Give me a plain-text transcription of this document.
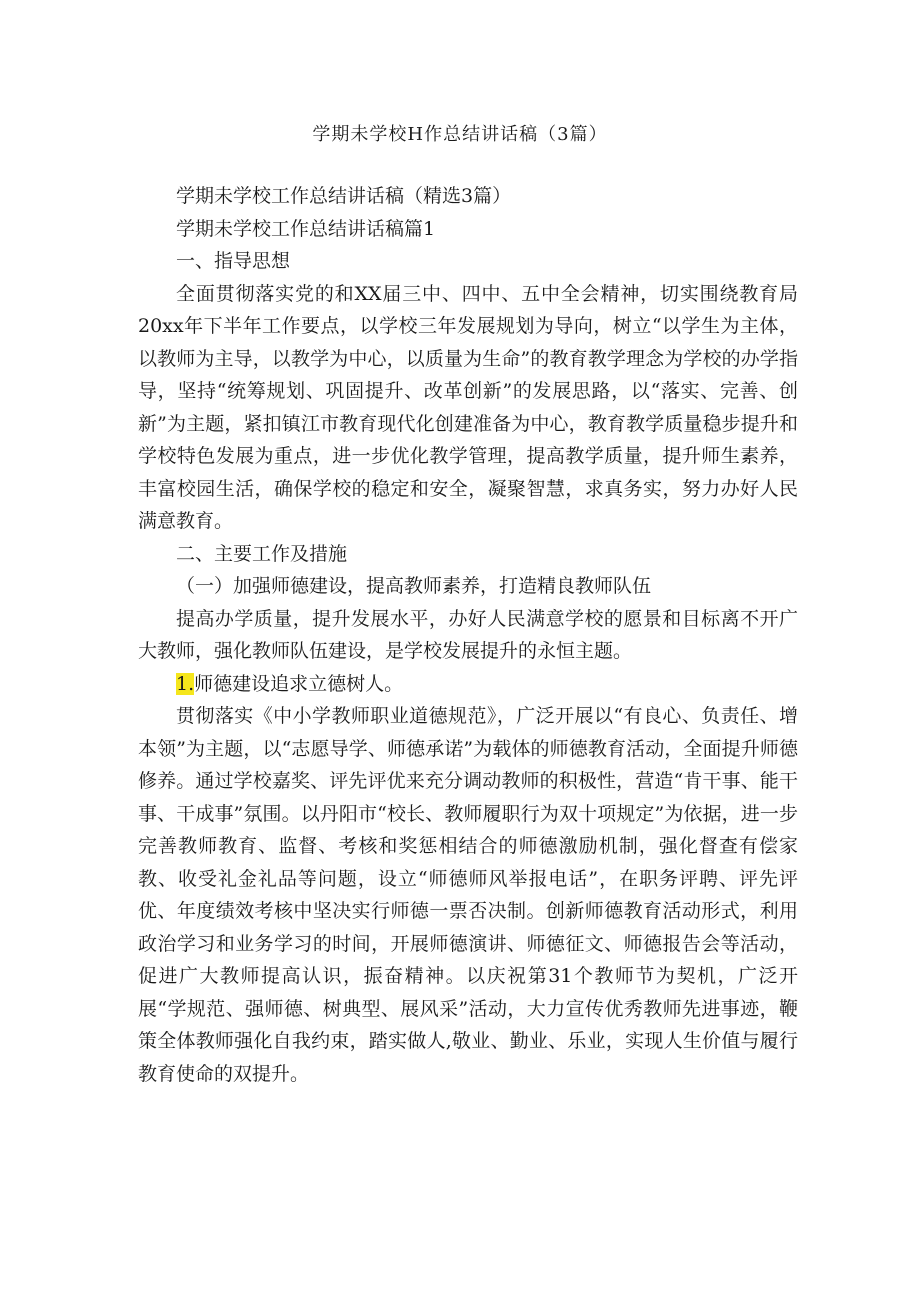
学期未学校H作总结讲话稿（3篇）

学期未学校工作总结讲话稿（精选3篇）

学期未学校工作总结讲话稿篇1

一、指导思想

全面贯彻落实党的和XX届三中、四中、五中全会精神，切实围绕教育局20xx年下半年工作要点，以学校三年发展规划为导向，树立“以学生为主体，以教师为主导，以教学为中心，以质量为生命”的教育教学理念为学校的办学指导，坚持“统筹规划、巩固提升、改革创新”的发展思路，以“落实、完善、创新”为主题，紧扣镇江市教育现代化创建准备为中心，教育教学质量稳步提升和学校特色发展为重点，进一步优化教学管理，提高教学质量，提升师生素养，丰富校园生活，确保学校的稳定和安全，凝聚智慧，求真务实，努力办好人民满意教育。

二、主要工作及措施

（一）加强师德建设，提高教师素养，打造精良教师队伍

提高办学质量，提升发展水平，办好人民满意学校的愿景和目标离不开广大教师，强化教师队伍建设，是学校发展提升的永恒主题。

1.师德建设追求立德树人。

贯彻落实《中小学教师职业道德规范》，广泛开展以“有良心、负责任、增本领”为主题，以“志愿导学、师德承诺”为载体的师德教育活动，全面提升师德修养。通过学校嘉奖、评先评优来充分调动教师的积极性，营造“肯干事、能干事、干成事”氛围。以丹阳市“校长、教师履职行为双十项规定”为依据，进一步完善教师教育、监督、考核和奖惩相结合的师德激励机制，强化督查有偿家教、收受礼金礼品等问题，设立“师德师风举报电话”，在职务评聘、评先评优、年度绩效考核中坚决实行师德一票否决制。创新师德教育活动形式，利用政治学习和业务学习的时间，开展师德演讲、师德征文、师德报告会等活动，促进广大教师提高认识，振奋精神。以庆祝第31个教师节为契机，广泛开展“学规范、强师德、树典型、展风采”活动，大力宣传优秀教师先进事迹，鞭策全体教师强化自我约束，踏实做人,敬业、勤业、乐业，实现人生价值与履行教育使命的双提升。
